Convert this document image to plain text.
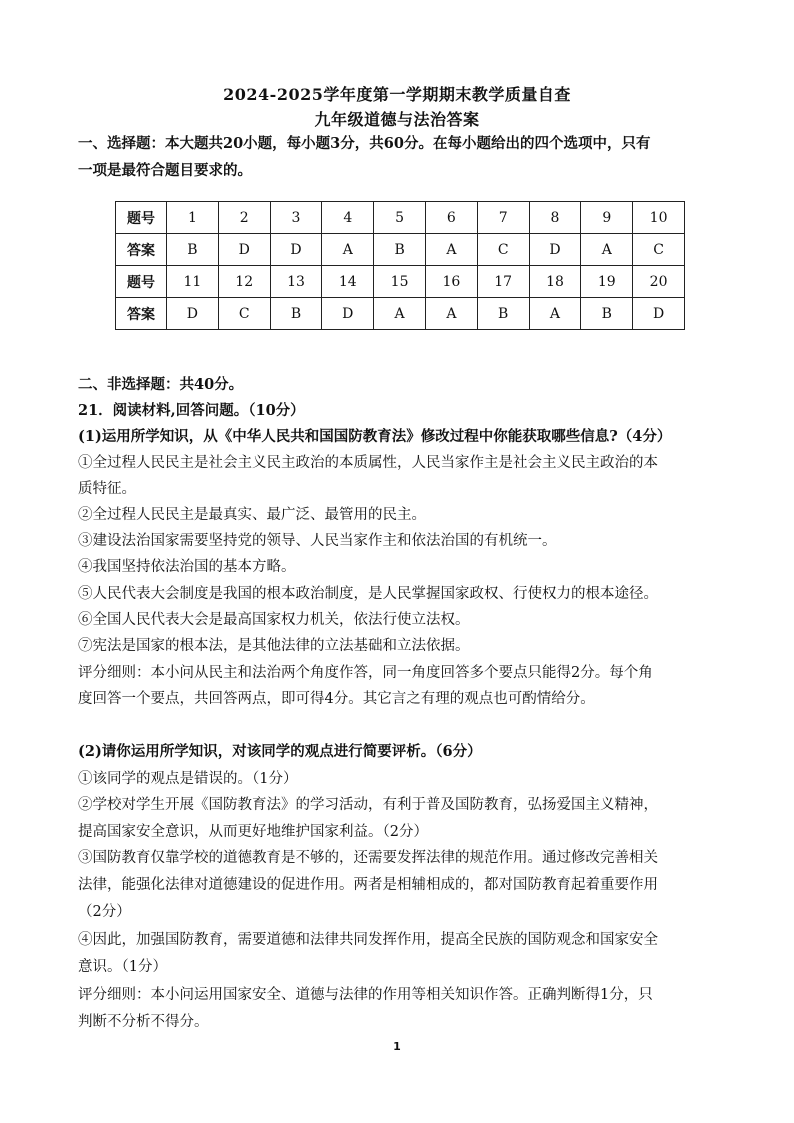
2024-2025学年度第一学期期末教学质量自查
九年级道德与法治答案
一、选择题：本大题共20小题，每小题3分，共60分。在每小题给出的四个选项中，只有
一项是最符合题目要求的。
题号	1	2	3	4	5	6	7	8	9	10
答案	B	D	D	A	B	A	C	D	A	C
题号	11	12	13	14	15	16	17	18	19	20
答案	D	C	B	D	A	A	B	A	B	D
二、非选择题：共40分。
21．阅读材料,回答问题。（10分）
(1)运用所学知识，从《中华人民共和国国防教育法》修改过程中你能获取哪些信息?（4分）
①全过程人民民主是社会主义民主政治的本质属性，人民当家作主是社会主义民主政治的本
质特征。
②全过程人民民主是最真实、最广泛、最管用的民主。
③建设法治国家需要坚持党的领导、人民当家作主和依法治国的有机统一。
④我国坚持依法治国的基本方略。
⑤人民代表大会制度是我国的根本政治制度，是人民掌握国家政权、行使权力的根本途径。
⑥全国人民代表大会是最高国家权力机关，依法行使立法权。
⑦宪法是国家的根本法，是其他法律的立法基础和立法依据。
评分细则：本小问从民主和法治两个角度作答，同一角度回答多个要点只能得2分。每个角
度回答一个要点，共回答两点，即可得4分。其它言之有理的观点也可酌情给分。
(2)请你运用所学知识，对该同学的观点进行简要评析。（6分）
①该同学的观点是错误的。（1分）
②学校对学生开展《国防教育法》的学习活动，有利于普及国防教育，弘扬爱国主义精神，
提高国家安全意识，从而更好地维护国家利益。（2分）
③国防教育仅靠学校的道德教育是不够的，还需要发挥法律的规范作用。通过修改完善相关
法律，能强化法律对道德建设的促进作用。两者是相辅相成的，都对国防教育起着重要作用
（2分）
④因此，加强国防教育，需要道德和法律共同发挥作用，提高全民族的国防观念和国家安全
意识。（1分）
评分细则：本小问运用国家安全、道德与法律的作用等相关知识作答。正确判断得1分，只
判断不分析不得分。
1
